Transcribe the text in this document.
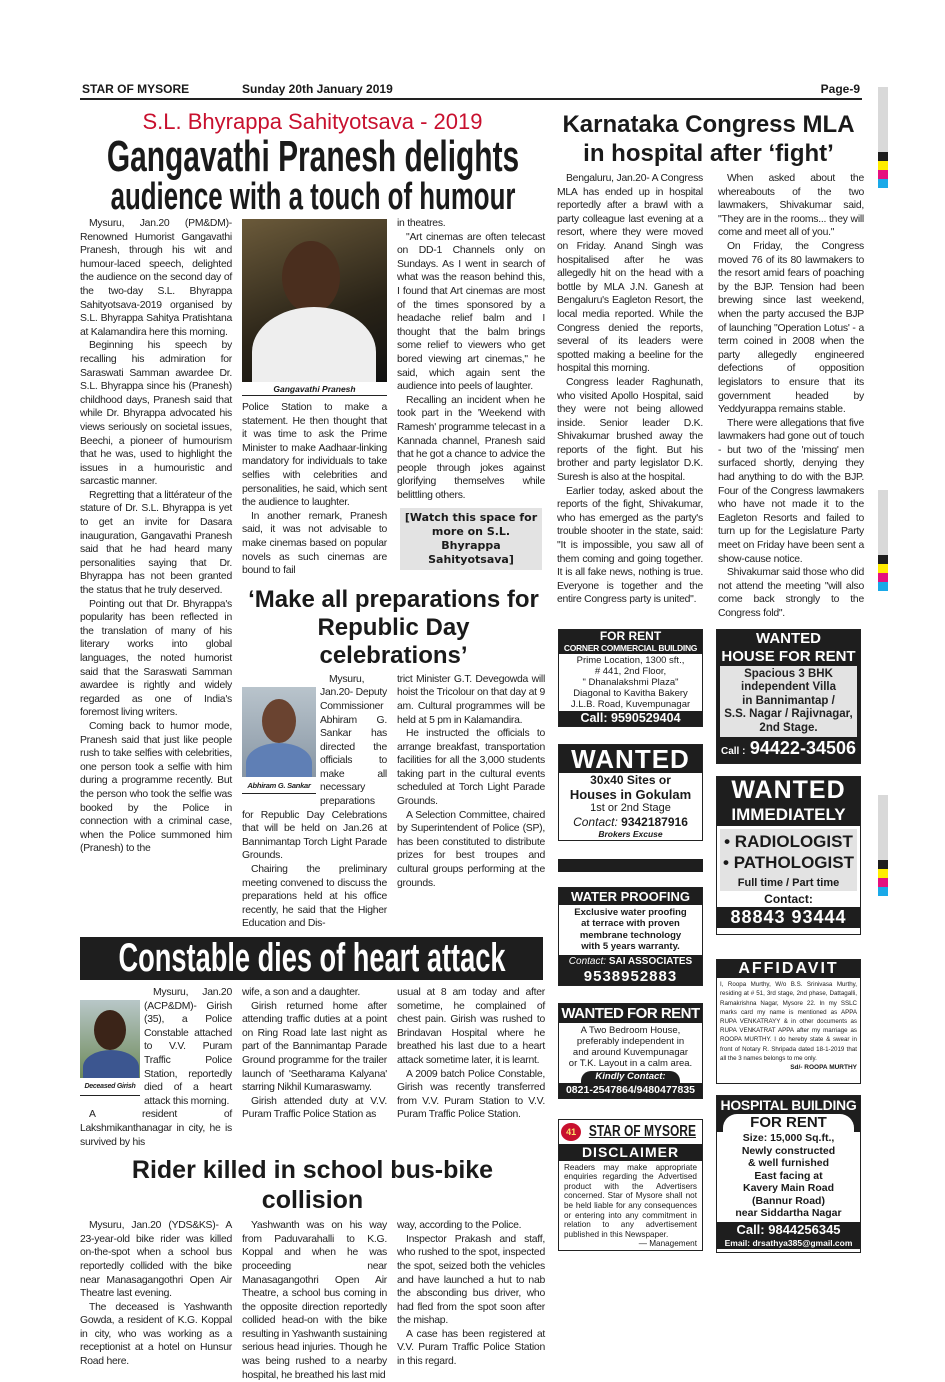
STAR OF MYSORE	Sunday 20th January 2019	Page-9
S.L. Bhyrappa Sahityotsava - 2019
Gangavathi Pranesh delights
audience with a touch of humour

Mysuru, Jan.20 (PM&DM)- Renowned Humorist Gangavathi Pranesh, through his wit and humour-laced speech, delighted the audience on the second day of the two-day S.L. Bhyrappa Sahityotsava-2019 organised by S.L. Bhyrappa Sahitya Pratishtana at Kalamandira here this morning.

Beginning his speech by recalling his admiration for Saraswati Samman awardee Dr. S.L. Bhyrappa since his (Pranesh) childhood days, Pranesh said that while Dr. Bhyrappa advocated his views seriously on societal issues, Beechi, a pioneer of humourism that he was, used to highlight the issues in a humouristic and sarcastic manner.

Regretting that a littérateur of the stature of Dr. S.L. Bhyrappa is yet to get an invite for Dasara inauguration, Gangavathi Pranesh said that he had heard many personalities saying that Dr. Bhyrappa has not been granted the status that he truly deserved.

Pointing out that Dr. Bhyrappa's popularity has been reflected in the translation of many of his literary works into global languages, the noted humorist said that the Saraswati Samman awardee is rightly and widely regarded as one of India's foremost living writers.

Coming back to humor mode, Pranesh said that just like people rush to take selfies with celebrities, one person took a selfie with him during a programme recently. But the person who took the selfie was booked by the Police in connection with a criminal case, when the Police summoned him (Pranesh) to the

Gangavathi Pranesh

Police Station to make a statement. He then thought that it was time to ask the Prime Minister to make Aadhaar-linking mandatory for individuals to take selfies with celebrities and personalities, he said, which sent the audience to laughter.

In another remark, Pranesh said, it was not advisable to make cinemas based on popular novels as such cinemas are bound to fail

in theatres.

"Art cinemas are often telecast on DD-1 Channels only on Sundays. As I went in search of what was the reason behind this, I found that Art cinemas are most of the times sponsored by a headache relief balm and I thought that the balm brings some relief to viewers who get bored viewing art cinemas," he said, which again sent the audience into peels of laughter.

Recalling an incident when he took part in the 'Weekend with Ramesh' programme telecast in a Kannada channel, Pranesh said that he got a chance to advice the people through jokes against glorifying themselves while belittling others.

[Watch this space for more on S.L. Bhyrappa Sahityotsava]
‘Make all preparations for
Republic Day celebrations’
Abhiram G. Sankar

Mysuru, Jan.20- Deputy Commissioner Abhiram G. Sankar has directed the officials to make all necessary preparations for Republic Day Celebrations that will be held on Jan.26 at Bannimantap Torch Light Parade Grounds.

Chairing the preliminary meeting convened to discuss the preparations held at his office recently, he said that the Higher Education and Dis-

trict Minister G.T. Devegowda will hoist the Tricolour on that day at 9 am. Cultural programmes will be held at 5 pm in Kalamandira.

He instructed the officials to arrange breakfast, transportation facilities for all the 3,000 students taking part in the cultural events scheduled at Torch Light Parade Grounds.

A Selection Committee, chaired by Superintendent of Police (SP), has been constituted to distribute prizes for best troupes and cultural groups performing at the grounds.

Constable dies of heart attack
Deceased Girish

Mysuru, Jan.20 (ACP&DM)- Girish (35), a Police Constable attached to V.V. Puram Traffic Police Station, reportedly died of a heart attack this morning.

A resident of Lakshmikanthanagar in city, he is survived by his

wife, a son and a daughter.

Girish returned home after attending traffic duties at a point on Ring Road late last night as part of the Bannimantap Parade Ground programme for the trailer launch of 'Seetharama Kalyana' starring Nikhil Kumaraswamy.

Girish attended duty at V.V. Puram Traffic Police Station as

usual at 8 am today and after sometime, he complained of chest pain. Girish was rushed to Brindavan Hospital where he breathed his last due to a heart attack sometime later, it is learnt.

A 2009 batch Police Constable, Girish was recently transferred from V.V. Puram Station to V.V. Puram Traffic Police Station.

Rider killed in school bus-bike collision

Mysuru, Jan.20 (YDS&KS)- A 23-year-old bike rider was killed on-the-spot when a school bus reportedly collided with the bike near Manasagangothri Open Air Theatre last evening.

The deceased is Yashwanth Gowda, a resident of K.G. Koppal in city, who was working as a receptionist at a hotel on Hunsur Road here.

Yashwanth was on his way from Paduvarahalli to K.G. Koppal and when he was proceeding near Manasagangothri Open Air Theatre, a school bus coming in the opposite direction reportedly collided head-on with the bike resulting in Yashwanth sustaining serious head injuries. Though he was being rushed to a nearby hospital, he breathed his last mid

way, according to the Police.

Inspector Prakash and staff, who rushed to the spot, inspected the spot, seized both the vehicles and have launched a hut to nab the absconding bus driver, who had fled from the spot soon after the mishap.

A case has been registered at V.V. Puram Traffic Police Station in this regard.

Karnataka Congress MLA
in hospital after ‘fight’

Bengaluru, Jan.20- A Congress MLA has ended up in hospital reportedly after a brawl with a party colleague last evening at a resort, where they were moved on Friday. Anand Singh was hospitalised after he was allegedly hit on the head with a bottle by MLA J.N. Ganesh at Bengaluru's Eagleton Resort, the local media reported. While the Congress denied the reports, several of its leaders were spotted making a beeline for the hospital this morning.

Congress leader Raghunath, who visited Apollo Hospital, said they were not being allowed inside. Senior leader D.K. Shivakumar brushed away the reports of the fight. But his brother and party legislator D.K. Suresh is also at the hospital.

Earlier today, asked about the reports of the fight, Shivakumar, who has emerged as the party's trouble shooter in the state, said: "It is impossible, you saw all of them coming and going together. It is all fake news, nothing is true. Everyone is together and the entire Congress party is united".

When asked about the whereabouts of the two lawmakers, Shivakumar said, "They are in the rooms... they will come and meet all of you."

On Friday, the Congress moved 76 of its 80 lawmakers to the resort amid fears of poaching by the BJP. Tension had been brewing since last weekend, when the party accused the BJP of launching "Operation Lotus' - a term coined in 2008 when the party allegedly engineered defections of opposition legislators to ensure that its government headed by Yeddyurappa remains stable.

There were allegations that five lawmakers had gone out of touch - but two of the 'missing' men surfaced shortly, denying they had anything to do with the BJP. Four of the Congress lawmakers who have not made it to the Eagleton Resorts and failed to turn up for the Legislature Party meet on Friday have been sent a show-cause notice.

Shivakumar said those who did not attend the meeting "will also come back strongly to the Congress fold".

FOR RENT
CORNER COMMERCIAL BUILDING
Prime Location, 1300 sft.,
# 441, 2nd Floor,
" Dhanalakshmi Plaza"
Diagonal to Kavitha Bakery
J.L.B. Road, Kuvempunagar
Call: 9590529404
WANTED
30x40 Sites or
Houses in Gokulam
1st or 2nd Stage
Contact: 9342187916
Brokers Excuse
WATER PROOFING
Exclusive water proofing
at terrace with proven
membrane technology
with 5 years warranty.
Contact: SAI ASSOCIATES
9538952883
WANTED FOR RENT
A Two Bedroom House,
preferably independent in
and around Kuvempunagar
or T.K. Layout in a calm area.
Kindly Contact:
0821-2547864/9480477835
41 STAR OF MYSORE
DISCLAIMER
Readers may make appropriate enquiries regarding the Advertised product with the Advertisers concerned. Star of Mysore shall not be held liable for any consequences or entering into any commitment in relation to any advertisement published in this Newspaper.
— Management
WANTED
HOUSE FOR RENT
Spacious 3 BHK
independent Villa
in Bannimantap /
S.S. Nagar / Rajivnagar,
2nd Stage.
Call : 94422-34506
WANTED
IMMEDIATELY
• RADIOLOGIST
• PATHOLOGIST
Full time / Part time
Contact:
88843 93444
AFFIDAVIT
I, Roopa Murthy, W/o B.S. Srinivasa Murthy, residing at # 51, 3rd stage, 2nd phase, Dattagalli, Ramakrishna Nagar, Mysore 22. In my SSLC marks card my name is mentioned as APPA RUPA VENKATRAYY & in other documents as RUPA VENKATRAT APPA after my marriage as ROOPA MURTHY. I do hereby state & swear in front of Notary R. Shripada dated 18-1-2019 that all the 3 names belongs to me only.
Sd/- ROOPA MURTHY
HOSPITAL BUILDING
FOR RENT
Size: 15,000 Sq.ft.,
Newly constructed
& well furnished
East facing at
Kavery Main Road
(Bannur Road)
near Siddartha Nagar
Call: 9844256345
Email: drsathya385@gmail.com
